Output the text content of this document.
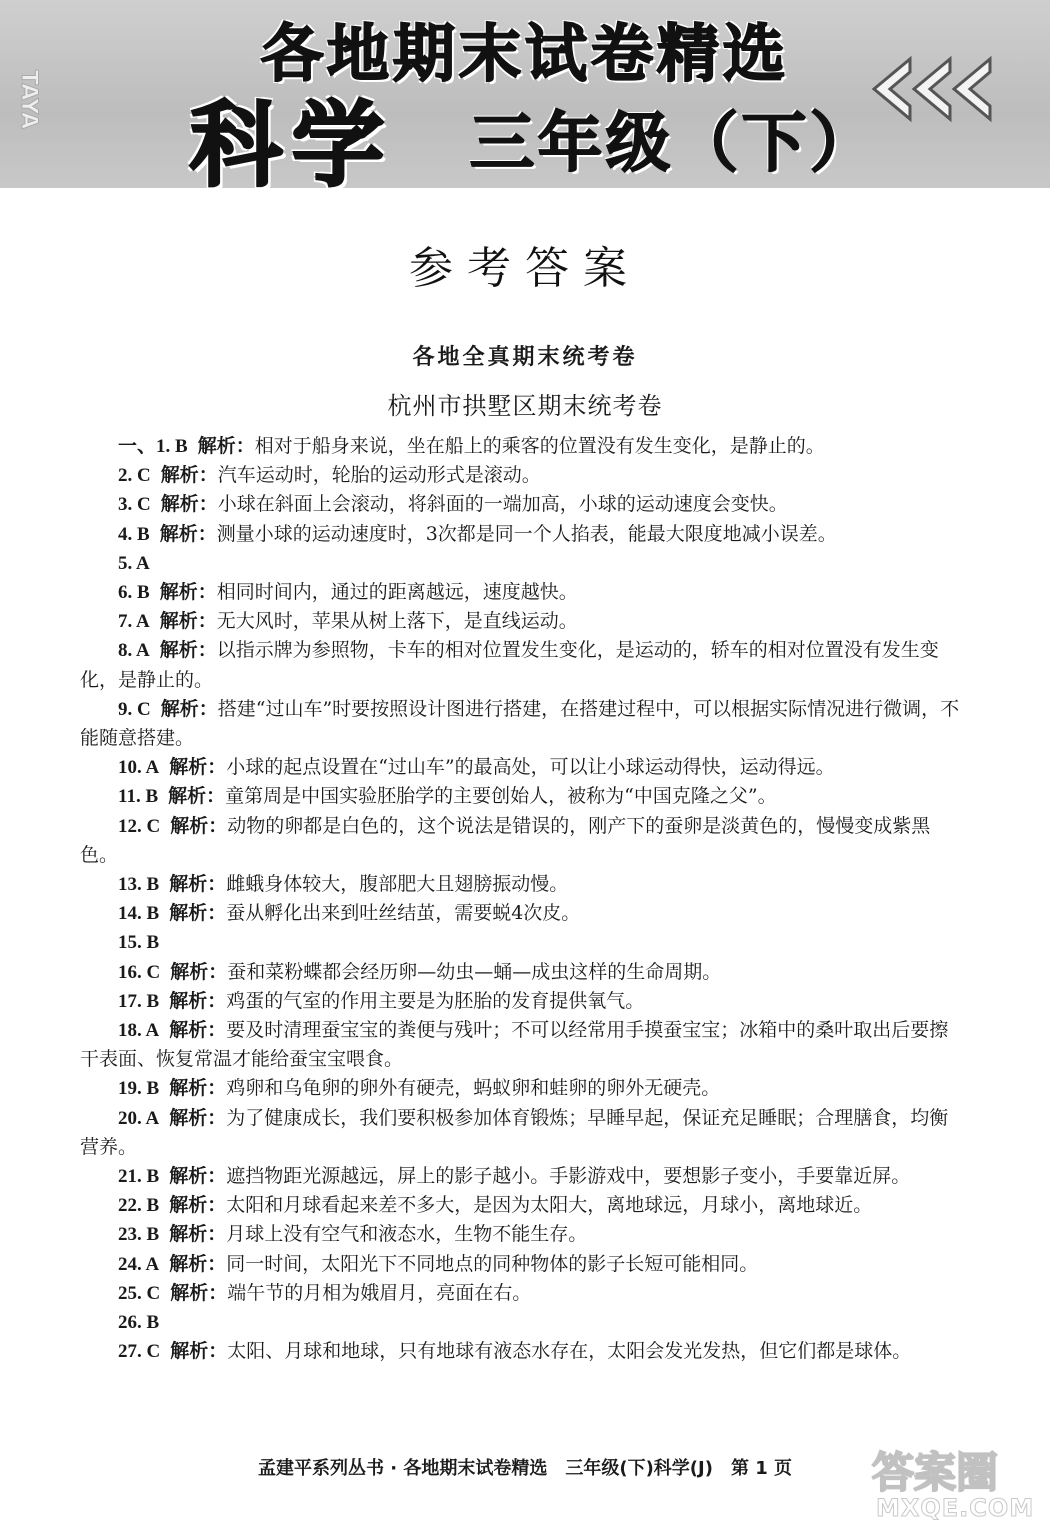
TAYA
各地期末试卷精选
科学 三年级（下）
参考答案
各地全真期末统考卷
杭州市拱墅区期末统考卷

一、1. B 解析：相对于船身来说，坐在船上的乘客的位置没有发生变化，是静止的。

2. C 解析：汽车运动时，轮胎的运动形式是滚动。

3. C 解析：小球在斜面上会滚动，将斜面的一端加高，小球的运动速度会变快。

4. B 解析：测量小球的运动速度时，3次都是同一个人掐表，能最大限度地减小误差。

5. A

6. B 解析：相同时间内，通过的距离越远，速度越快。

7. A 解析：无大风时，苹果从树上落下，是直线运动。

8. A 解析：以指示牌为参照物，卡车的相对位置发生变化，是运动的，轿车的相对位置没有发生变化，是静止的。

9. C 解析：搭建“过山车”时要按照设计图进行搭建，在搭建过程中，可以根据实际情况进行微调，不能随意搭建。

10. A 解析：小球的起点设置在“过山车”的最高处，可以让小球运动得快，运动得远。

11. B 解析：童第周是中国实验胚胎学的主要创始人，被称为“中国克隆之父”。

12. C 解析：动物的卵都是白色的，这个说法是错误的，刚产下的蚕卵是淡黄色的，慢慢变成紫黑色。

13. B 解析：雌蛾身体较大，腹部肥大且翅膀振动慢。

14. B 解析：蚕从孵化出来到吐丝结茧，需要蜕4次皮。

15. B

16. C 解析：蚕和菜粉蝶都会经历卵—幼虫—蛹—成虫这样的生命周期。

17. B 解析：鸡蛋的气室的作用主要是为胚胎的发育提供氧气。

18. A 解析：要及时清理蚕宝宝的粪便与残叶；不可以经常用手摸蚕宝宝；冰箱中的桑叶取出后要擦干表面、恢复常温才能给蚕宝宝喂食。

19. B 解析：鸡卵和乌龟卵的卵外有硬壳，蚂蚁卵和蛙卵的卵外无硬壳。

20. A 解析：为了健康成长，我们要积极参加体育锻炼；早睡早起，保证充足睡眠；合理膳食，均衡营养。

21. B 解析：遮挡物距光源越远，屏上的影子越小。手影游戏中，要想影子变小，手要靠近屏。

22. B 解析：太阳和月球看起来差不多大，是因为太阳大，离地球远，月球小，离地球近。

23. B 解析：月球上没有空气和液态水，生物不能生存。

24. A 解析：同一时间，太阳光下不同地点的同种物体的影子长短可能相同。

25. C 解析：端午节的月相为娥眉月，亮面在右。

26. B

27. C 解析：太阳、月球和地球，只有地球有液态水存在，太阳会发光发热，但它们都是球体。

孟建平系列丛书 · 各地期末试卷精选　三年级(下)科学(J)　第 1 页	答案圈
MXQE.COM
